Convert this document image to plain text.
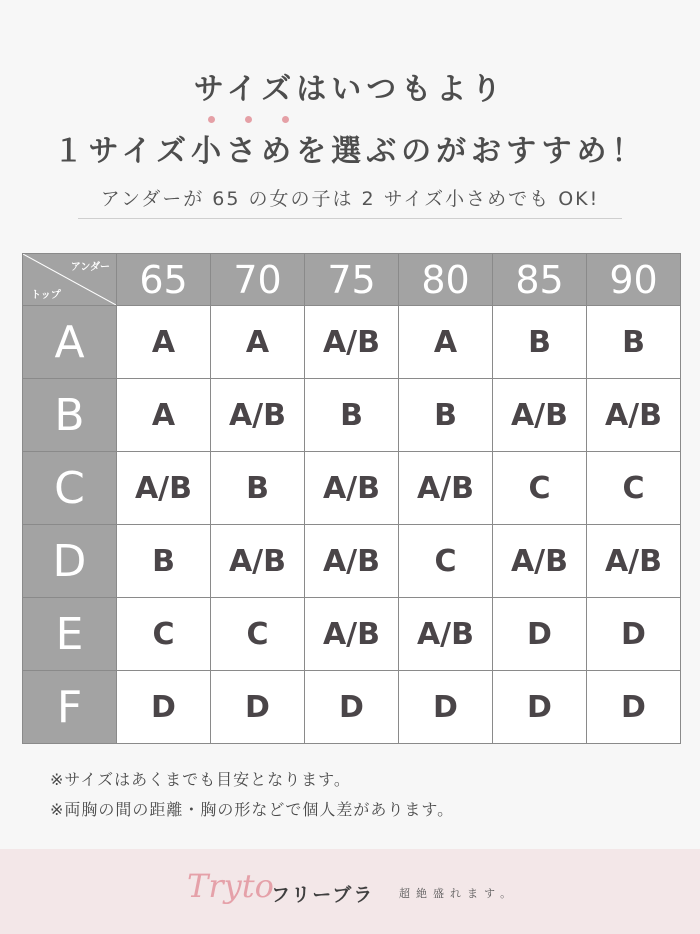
サイズはいつもより
１サイズ小さめを選ぶのがおすすめ！
アンダーが 65 の女の子は 2 サイズ小さめでも OK!
アンダー
トップ	65	70	75	80	85	90
A	A	A	A/B	A	B	B
B	A	A/B	B	B	A/B	A/B
C	A/B	B	A/B	A/B	C	C
D	B	A/B	A/B	C	A/B	A/B
E	C	C	A/B	A/B	D	D
F	D	D	D	D	D	D
※サイズはあくまでも目安となります。
※両胸の間の距離・胸の形などで個人差があります。
Tryto
フリーブラ 超絶盛れます。
